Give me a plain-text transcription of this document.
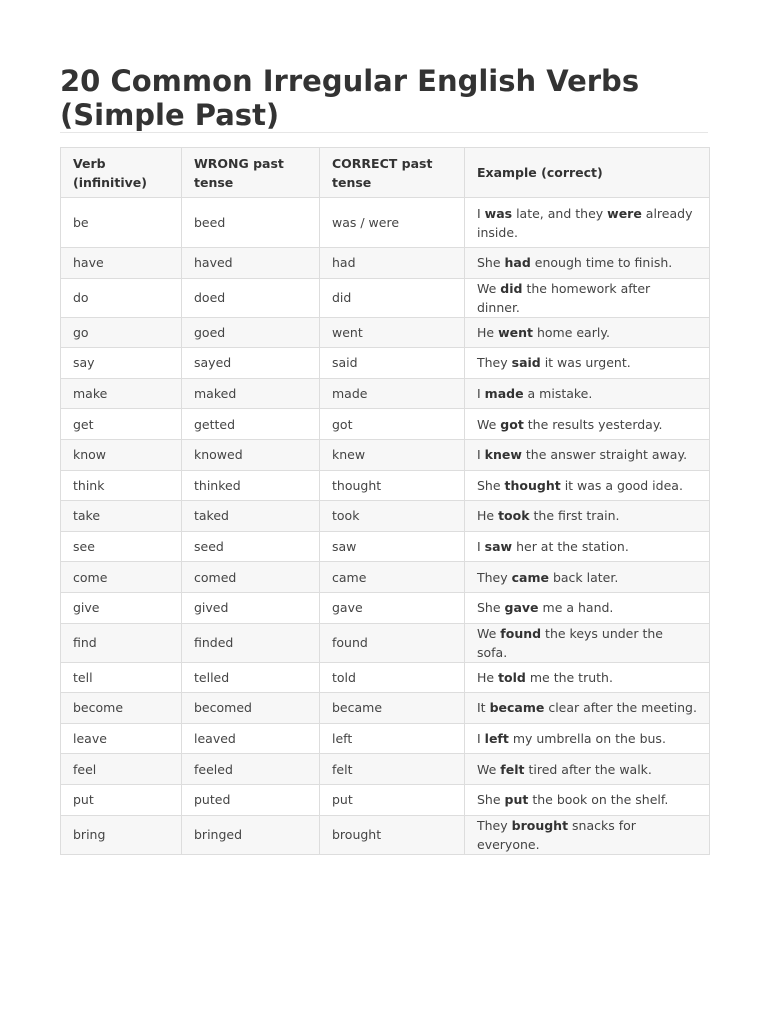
20 Common Irregular English Verbs (Simple Past)
Verb (infinitive)	WRONG past tense	CORRECT past tense	Example (correct)
be	beed	was / were	I was late, and they were already inside.
have	haved	had	She had enough time to finish.
do	doed	did	We did the homework after dinner.
go	goed	went	He went home early.
say	sayed	said	They said it was urgent.
make	maked	made	I made a mistake.
get	getted	got	We got the results yesterday.
know	knowed	knew	I knew the answer straight away.
think	thinked	thought	She thought it was a good idea.
take	taked	took	He took the first train.
see	seed	saw	I saw her at the station.
come	comed	came	They came back later.
give	gived	gave	She gave me a hand.
find	finded	found	We found the keys under the sofa.
tell	telled	told	He told me the truth.
become	becomed	became	It became clear after the meeting.
leave	leaved	left	I left my umbrella on the bus.
feel	feeled	felt	We felt tired after the walk.
put	puted	put	She put the book on the shelf.
bring	bringed	brought	They brought snacks for everyone.
